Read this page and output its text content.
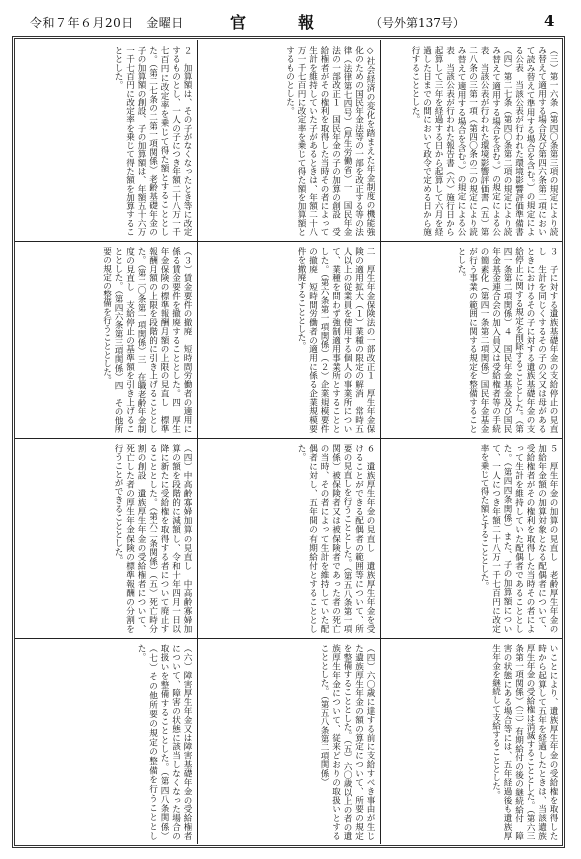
令和７年６月20日　金曜日	官　報	（号外第137号）	4
（三）第一六条（第四〇条第三項の規定により読み替えて適用する場合及び第四六条第二項において読み替えて準用する場合を含む。）の規定による公表　当該公表が行われた環境影響評価準備書（四）第二七条（第四〇条第二項の規定により読み替えて適用する場合を含む。）の規定による公表　当該公表が行われた環境影響評価書（五）第二八条の三第一項（第四〇条の二の規定により読み替えて適用する場合を含む。）の規定による公表　当該公表が行われた報告書（六）施行日から起算して三年を経過する日から起算して六月を経過した日までの間において政令で定める日から施行することとした。
◇社会経済の変化を踏まえた年金制度の機能強化のための国民年金法等の一部を改正する等の法律（法律第七四号）（厚生労働省）一　国民年金法の一部改正１　国民年金の子の加算の創設　受給権者がその権利を取得した当時その者によって生計を維持していた子があるときは、年額二十八万一千七百円に改定率を乗じて得た額を加算額とするものとした。
２　加算額は、その子がなくなったとき等に改定するものとし、一人の子につき年額二十八万一千七百円に改定率を乗じて得た額とすることとした。（第二七条の二第一項関係）老齢基礎年金の子の加算額の創設、子の加算額は、年額五十六万一千七百円に改定率を乗じて得た額を加算することとした。
３　子に対する遺族基礎年金の支給停止の見直し　生計を同じくするその子の父又は母があるときにおけるその子に対する遺族基礎年金の支給停止に関する規定を削除することとした。（第四一条第二項関係）４　国民年金基金及び国民年金基金連合会の加入員又は受給権者等の手続の簡素化（第四一条第二項関係）国民年金基金が行う事業の範囲に関する規定を整備することとした。
二　厚生年金保険法の一部改正１　厚生年金保険の適用拡大（１）業種の限定の解消　常時五人以上の従業員を使用する個人の事業所について、業種を問わず強制適用事業所とすることとした。（第六条第一項関係）（２）企業規模要件の撤廃　短時間労働者の適用に係る企業規模要件を撤廃することとした。
（３）賃金要件の撤廃　短時間労働者の適用に係る賃金要件を撤廃することとした。四　厚生年金保険の標準報酬月額の上限の見直し　標準報酬月額の上限を段階的に引き上げることとした。（第二〇条第一項関係）三　在職老齢年金制度の見直し　支給停止の基準額を引き上げることとした。（第四六条第三項関係）四　その他所要の規定の整備を行うこととした。
５　厚生年金の加算の見直し　老齢厚生年金の加給年金額の加算対象となる配偶者について、受給権者がその権利を取得した当時その者によって生計を維持していた配偶者であることとした。（第四四条関係）また、子の加算額について、一人につき年額二十八万一千七百円に改定率を乗じて得た額とすることとした。
６　遺族厚生年金の見直し　遺族厚生年金を受けることができる配偶者の範囲等について、所要の見直しを行うこととした。（第五八条第一項関係）被保険者又は被保険者であった者の死亡の当時、その者によって生計を維持していた配偶者に対し、五年間の有期給付とすることとした。
（四）中高齢寡婦加算の見直し　中高齢寡婦加算の額を段階的に減額し、令和十年四月一日以降に新たに受給権を取得する者について廃止することとした。（第六二条関係）（五）死亡時分割の創設　遺族厚生年金の受給権者について、死亡した者の厚生年金保険の標準報酬の分割を行うことができることとした。
いことにより、遺族厚生年金の受給権を取得した時から起算して五年を経過したときは、当該遺族厚生年金の受給権は消滅することとした。（第六三条第一項関係）（三）有期給付の後の継続給付　障害の状態にある場合等には、五年経過後も遺族厚生年金を継続して支給することとした。
（四）六〇歳に達する前に支給すべき事由が生じた遺族厚生年金の額の算定について、所要の規定を整備することとした。（五）六〇歳以上の者の遺族厚生年金について、従来どおりの取扱いとすることとした。（第五八条第二項関係）
（六）障害厚生年金又は障害基礎年金の受給権者について、障害の状態に該当しなくなった場合の取扱いを整備することとした。（第四八条関係）（七）その他所要の規定の整備を行うこととした。
